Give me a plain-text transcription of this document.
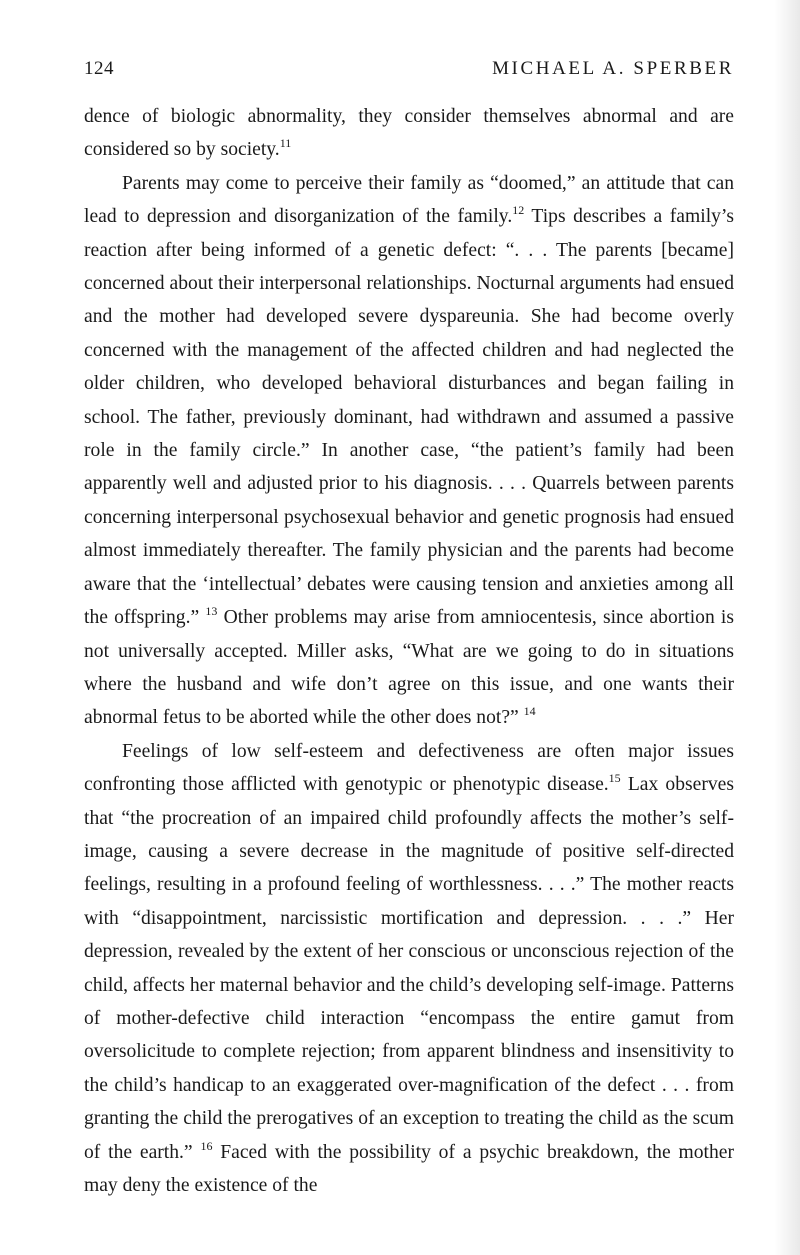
124	MICHAEL A. SPERBER

dence of biologic abnormality, they consider themselves abnormal and are considered so by society.$^{11}$

Parents may come to perceive their family as “doomed,” an attitude that can lead to depression and disorganization of the family.$^{12}$ Tips describes a family’s reaction after being informed of a genetic defect: “. . . The parents [became] concerned about their interpersonal relationships. Nocturnal arguments had ensued and the mother had developed severe dyspareunia. She had become overly concerned with the management of the affected children and had neglected the older children, who developed behavioral disturbances and began failing in school. The father, previously dominant, had withdrawn and assumed a passive role in the family circle.” In another case, “the patient’s family had been apparently well and adjusted prior to his diagnosis. . . . Quarrels between parents concerning interpersonal psychosexual behavior and genetic prognosis had ensued almost immediately thereafter. The family physician and the parents had become aware that the ‘intellectual’ debates were causing tension and anxieties among all the offspring.” $^{13}$ Other problems may arise from amniocentesis, since abortion is not universally accepted. Miller asks, “What are we going to do in situations where the husband and wife don’t agree on this issue, and one wants their abnormal fetus to be aborted while the other does not?” $^{14}$

Feelings of low self-esteem and defectiveness are often major issues confronting those afflicted with genotypic or phenotypic disease.$^{15}$ Lax observes that “the procreation of an impaired child profoundly affects the mother’s self-image, causing a severe decrease in the magnitude of positive self-directed feelings, resulting in a profound feeling of worthlessness. . . .” The mother reacts with “disappointment, narcissistic mortification and depression. . . .” Her depression, revealed by the extent of her conscious or unconscious rejection of the child, affects her maternal behavior and the child’s developing self-image. Patterns of mother-defective child interaction “encompass the entire gamut from oversolicitude to complete rejection; from apparent blindness and insensitivity to the child’s handicap to an exaggerated over-magnification of the defect . . . from granting the child the prerogatives of an exception to treating the child as the scum of the earth.” $^{16}$ Faced with the possibility of a psychic breakdown, the mother may deny the existence of the
